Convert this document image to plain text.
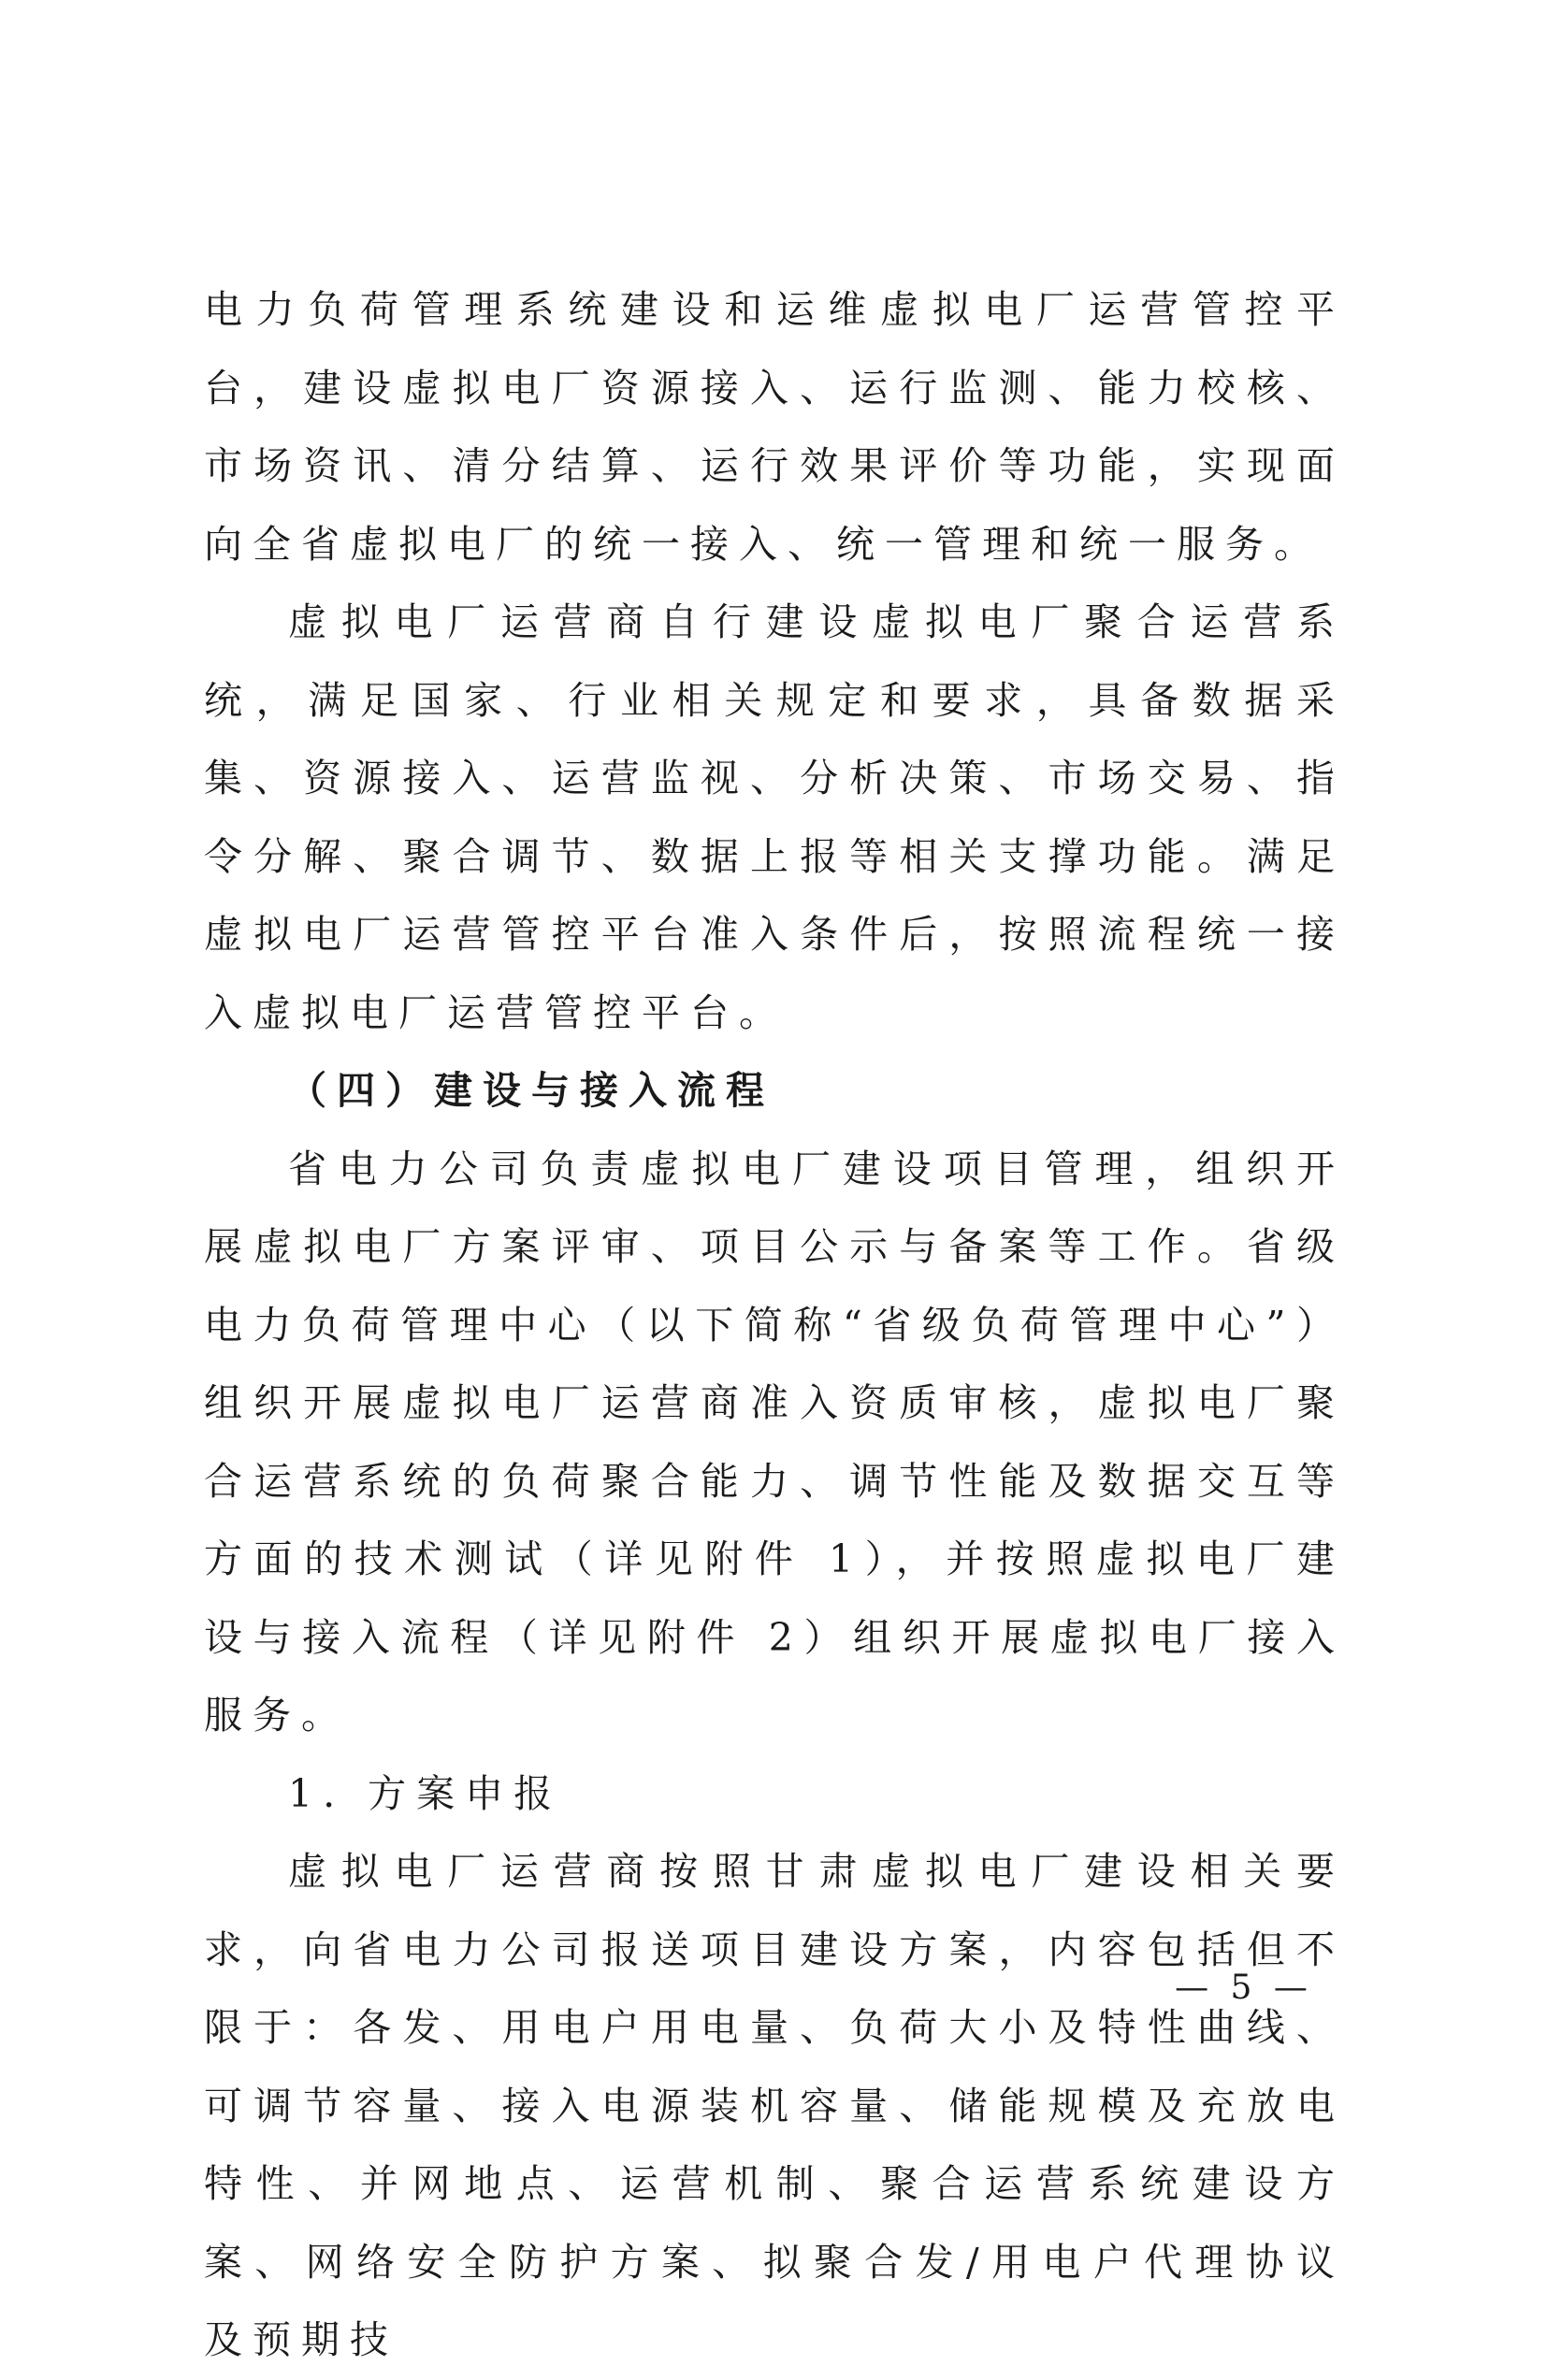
电力负荷管理系统建设和运维虚拟电厂运营管控平台，建设虚拟电厂资源接入、运行监测、能力校核、市场资讯、清分结算、运行效果评价等功能，实现面向全省虚拟电厂的统一接入、统一管理和统一服务。

虚拟电厂运营商自行建设虚拟电厂聚合运营系统，满足国家、行业相关规定和要求，具备数据采集、资源接入、运营监视、分析决策、市场交易、指令分解、聚合调节、数据上报等相关支撑功能。满足虚拟电厂运营管控平台准入条件后，按照流程统一接入虚拟电厂运营管控平台。

（四）建设与接入流程

省电力公司负责虚拟电厂建设项目管理，组织开展虚拟电厂方案评审、项目公示与备案等工作。省级电力负荷管理中心（以下简称“省级负荷管理中心”）组织开展虚拟电厂运营商准入资质审核，虚拟电厂聚合运营系统的负荷聚合能力、调节性能及数据交互等方面的技术测试（详见附件 1），并按照虚拟电厂建设与接入流程（详见附件 2）组织开展虚拟电厂接入服务。

1. 方案申报

虚拟电厂运营商按照甘肃虚拟电厂建设相关要求，向省电力公司报送项目建设方案，内容包括但不限于：各发、用电户用电量、负荷大小及特性曲线、可调节容量、接入电源装机容量、储能规模及充放电特性、并网地点、运营机制、聚合运营系统建设方案、网络安全防护方案、拟聚合发/用电户代理协议及预期技

— 5 —
